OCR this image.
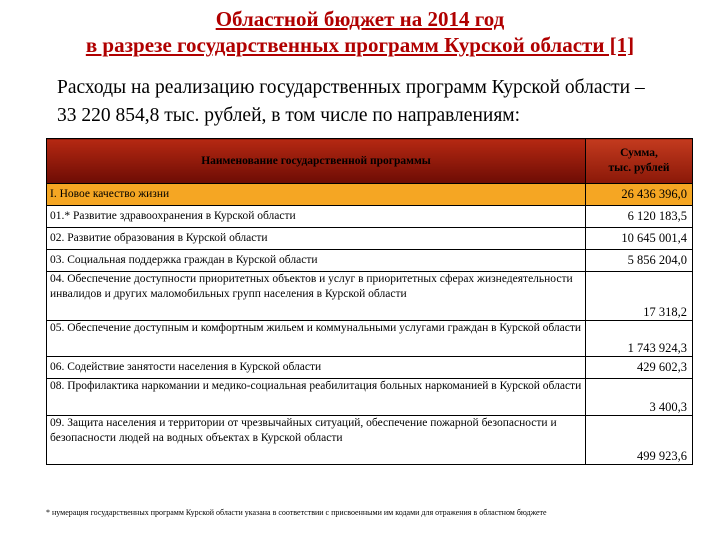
Областной бюджет на 2014 год
в разрезе государственных программ Курской области [1]
Расходы на реализацию государственных программ Курской области –
33 220 854,8 тыс. рублей, в том числе по направлениям:
Наименование государственной программы	Сумма,
тыс. рублей

I. Новое качество жизни	26 436 396,0
01.* Развитие здравоохранения в Курской области	6 120 183,5
02. Развитие образования в Курской области	10 645 001,4
03. Социальная поддержка граждан в Курской области	5 856 204,0
04. Обеспечение доступности приоритетных объектов и услуг в приоритетных сферах жизнедеятельности инвалидов и других маломобильных групп населения в Курской области	17 318,2
05. Обеспечение доступным и комфортным жильем и коммунальными услугами граждан в Курской области	1 743 924,3
06. Содействие занятости населения в Курской области	429 602,3
08. Профилактика наркомании и медико-социальная реабилитация больных наркоманией в Курской области	3 400,3
09. Защита населения и территории от чрезвычайных ситуаций, обеспечение пожарной безопасности и безопасности людей на водных объектах в Курской области	499 923,6
* нумерация государственных программ Курской области указана в соответствии с присвоенными им кодами для отражения в областном бюджете
